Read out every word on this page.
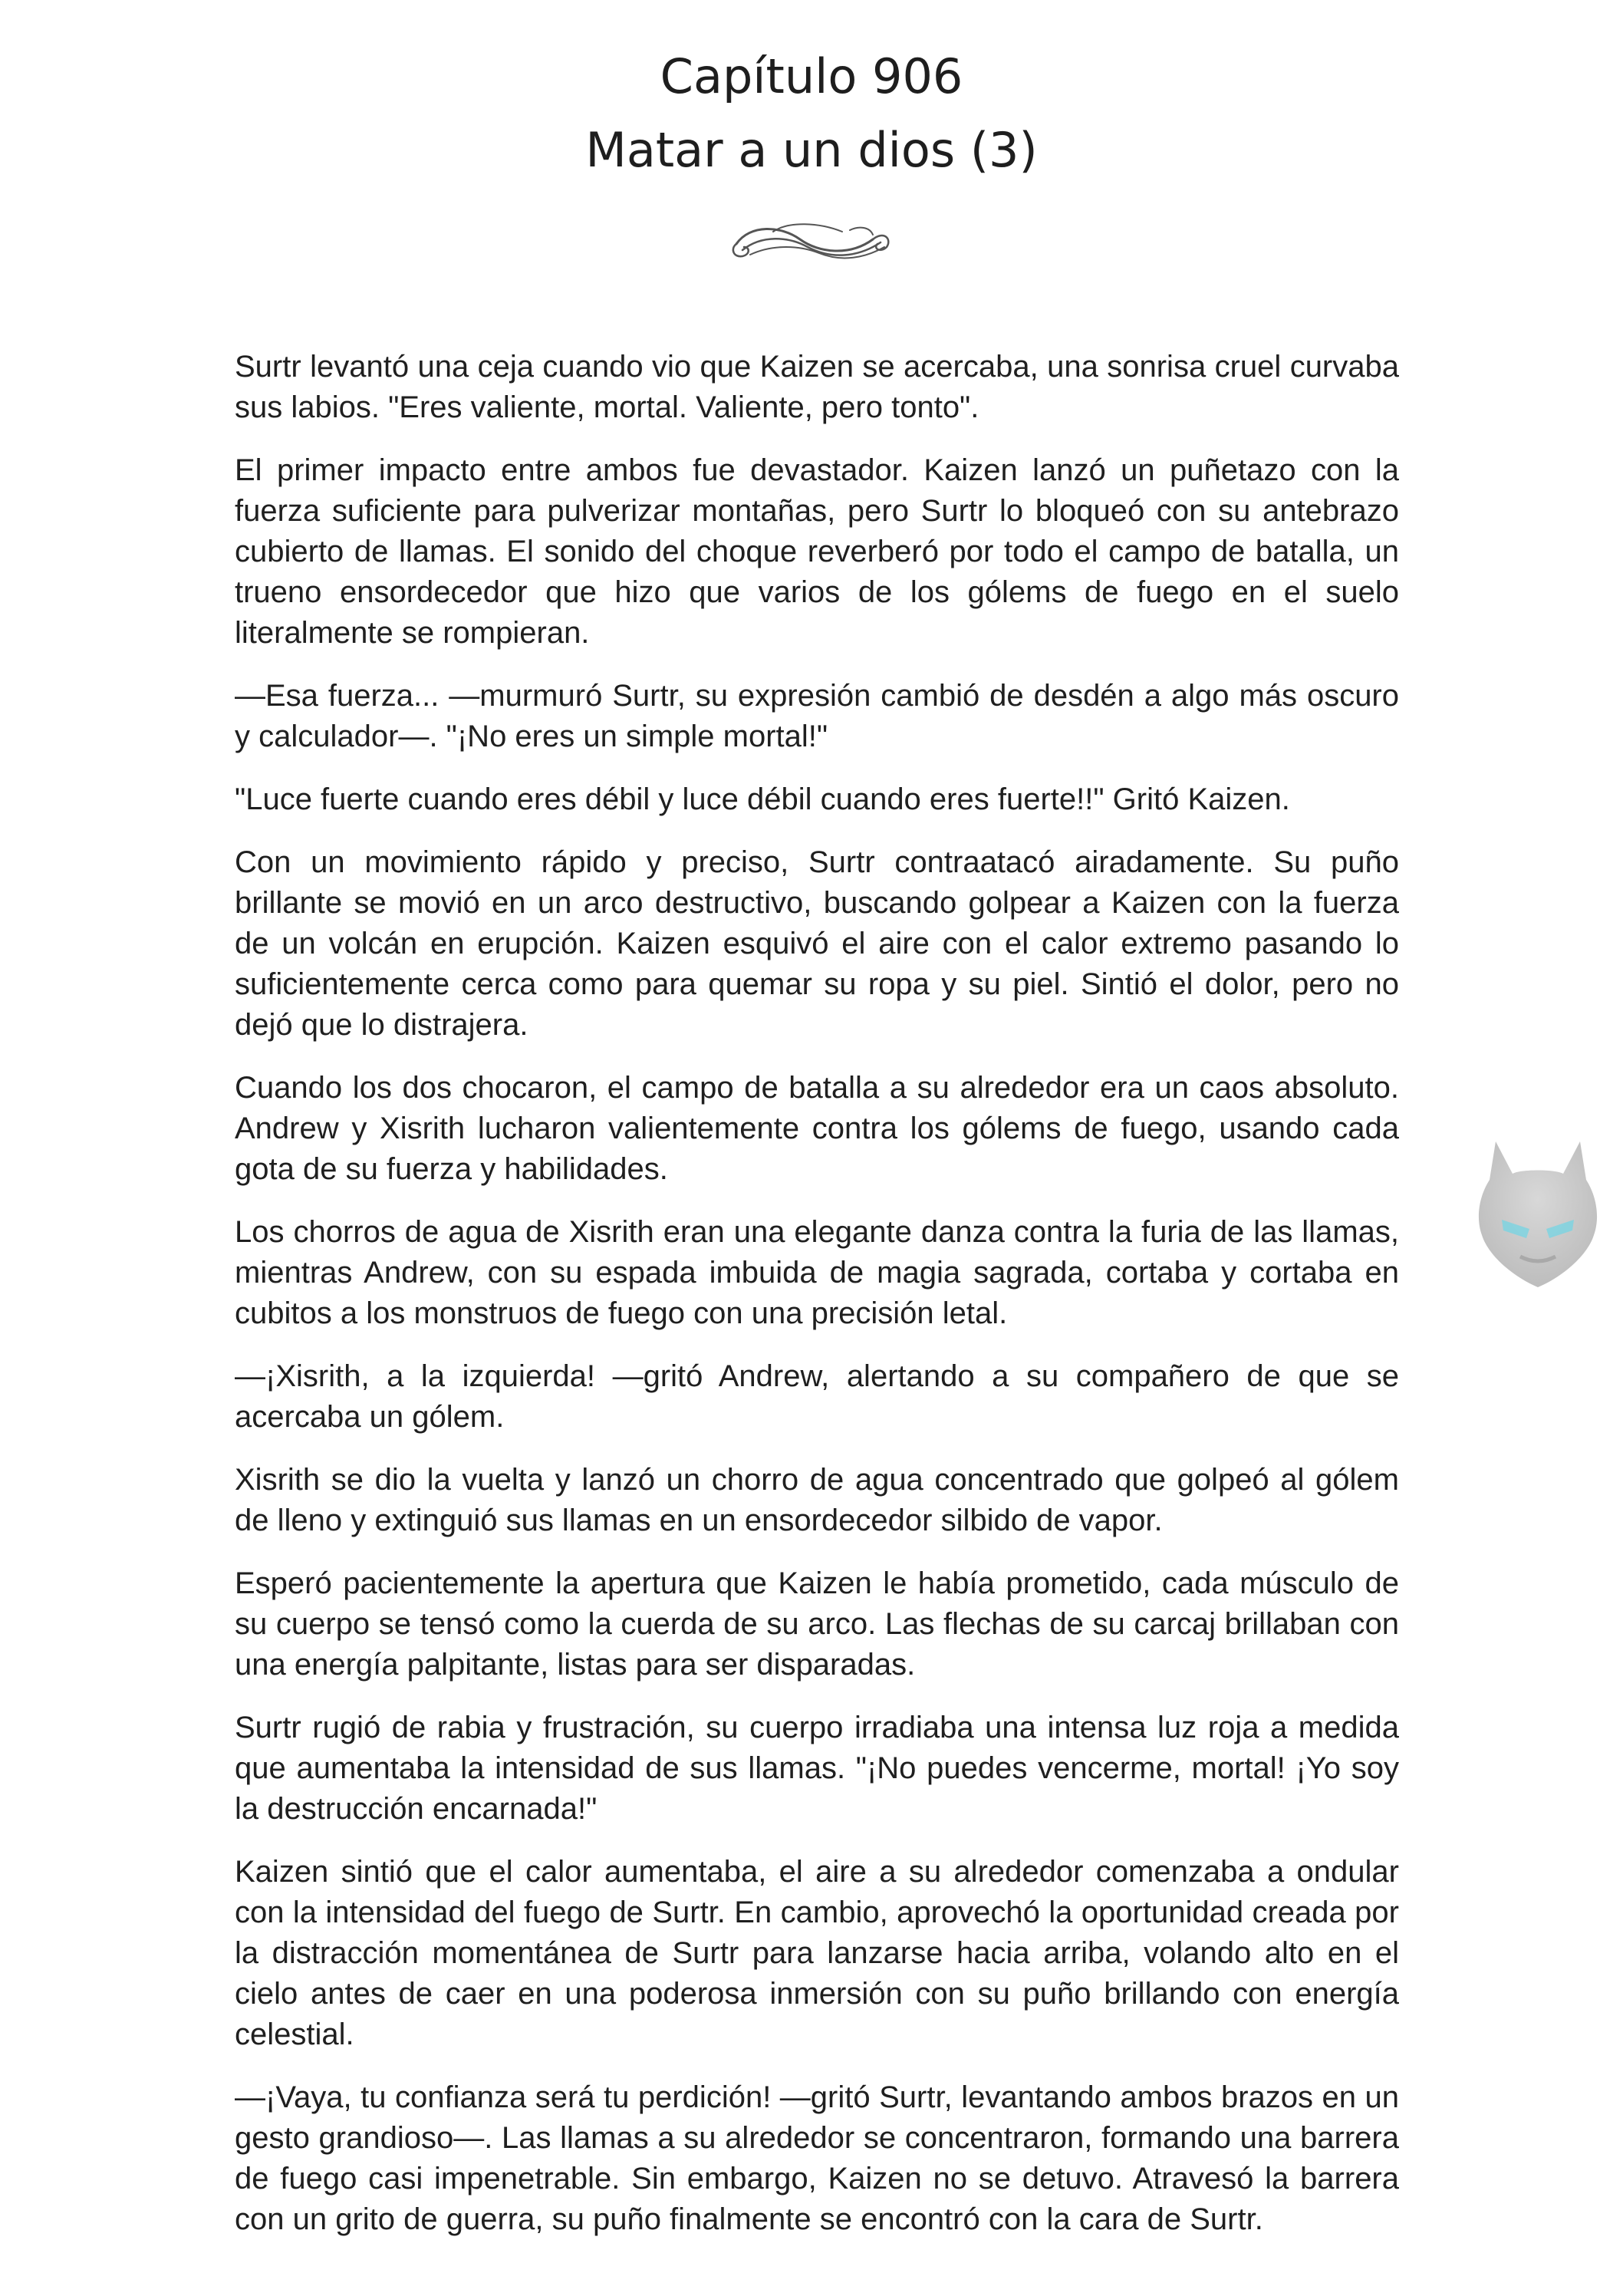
Capítulo 906
Matar a un dios (3)

Surtr levantó una ceja cuando vio que Kaizen se acercaba, una sonrisa cruel curvaba sus labios. "Eres valiente, mortal. Valiente, pero tonto".

El primer impacto entre ambos fue devastador. Kaizen lanzó un puñetazo con la fuerza suficiente para pulverizar montañas, pero Surtr lo bloqueó con su antebrazo cubierto de llamas. El sonido del choque reverberó por todo el campo de batalla, un trueno ensordecedor que hizo que varios de los gólems de fuego en el suelo literalmente se rompieran.

—Esa fuerza... —murmuró Surtr, su expresión cambió de desdén a algo más oscuro y calculador—. "¡No eres un simple mortal!"

"Luce fuerte cuando eres débil y luce débil cuando eres fuerte!!" Gritó Kaizen.

Con un movimiento rápido y preciso, Surtr contraatacó airadamente. Su puño brillante se movió en un arco destructivo, buscando golpear a Kaizen con la fuerza de un volcán en erupción. Kaizen esquivó el aire con el calor extremo pasando lo suficientemente cerca como para quemar su ropa y su piel. Sintió el dolor, pero no dejó que lo distrajera.

Cuando los dos chocaron, el campo de batalla a su alrededor era un caos absoluto. Andrew y Xisrith lucharon valientemente contra los gólems de fuego, usando cada gota de su fuerza y habilidades.

Los chorros de agua de Xisrith eran una elegante danza contra la furia de las llamas, mientras Andrew, con su espada imbuida de magia sagrada, cortaba y cortaba en cubitos a los monstruos de fuego con una precisión letal.

—¡Xisrith, a la izquierda! —gritó Andrew, alertando a su compañero de que se acercaba un gólem.

Xisrith se dio la vuelta y lanzó un chorro de agua concentrado que golpeó al gólem de lleno y extinguió sus llamas en un ensordecedor silbido de vapor.

Esperó pacientemente la apertura que Kaizen le había prometido, cada músculo de su cuerpo se tensó como la cuerda de su arco. Las flechas de su carcaj brillaban con una energía palpitante, listas para ser disparadas.

Surtr rugió de rabia y frustración, su cuerpo irradiaba una intensa luz roja a medida que aumentaba la intensidad de sus llamas. "¡No puedes vencerme, mortal! ¡Yo soy la destrucción encarnada!"

Kaizen sintió que el calor aumentaba, el aire a su alrededor comenzaba a ondular con la intensidad del fuego de Surtr. En cambio, aprovechó la oportunidad creada por la distracción momentánea de Surtr para lanzarse hacia arriba, volando alto en el cielo antes de caer en una poderosa inmersión con su puño brillando con energía celestial.

—¡Vaya, tu confianza será tu perdición! —gritó Surtr, levantando ambos brazos en un gesto grandioso—. Las llamas a su alrededor se concentraron, formando una barrera de fuego casi impenetrable. Sin embargo, Kaizen no se detuvo. Atravesó la barrera con un grito de guerra, su puño finalmente se encontró con la cara de Surtr.
